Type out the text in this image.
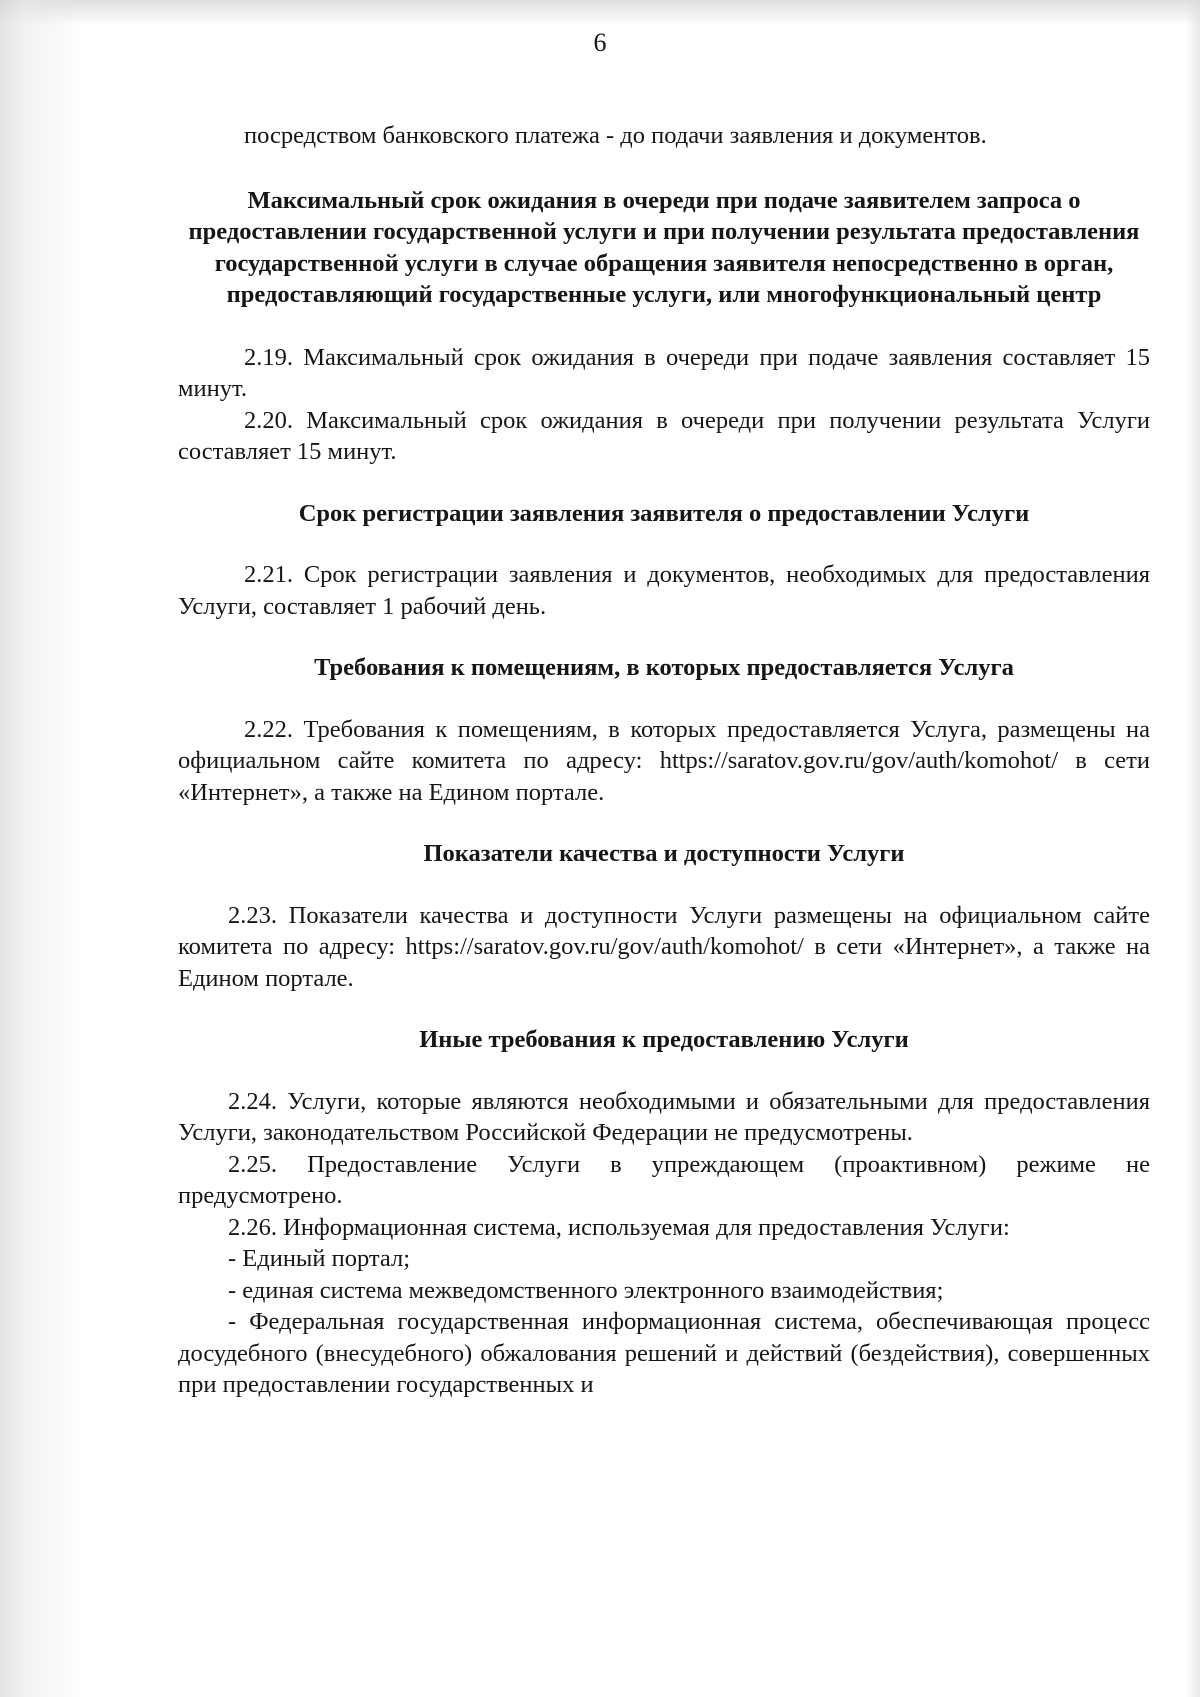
6

посредством банковского платежа - до подачи заявления и документов.

Максимальный срок ожидания в очереди при подаче заявителем запроса о предоставлении государственной услуги и при получении результата предоставления государственной услуги в случае обращения заявителя непосредственно в орган, предоставляющий государственные услуги, или многофункциональный центр

2.19. Максимальный срок ожидания в очереди при подаче заявления составляет 15 минут.

2.20. Максимальный срок ожидания в очереди при получении результата Услуги составляет 15 минут.

Срок регистрации заявления заявителя о предоставлении Услуги

2.21. Срок регистрации заявления и документов, необходимых для предоставления Услуги, составляет 1 рабочий день.

Требования к помещениям, в которых предоставляется Услуга

2.22. Требования к помещениям, в которых предоставляется Услуга, размещены на официальном сайте комитета по адресу: https://saratov.gov.ru/gov/auth/komohot/ в сети «Интернет», а также на Едином портале.

Показатели качества и доступности Услуги

2.23. Показатели качества и доступности Услуги размещены на официальном сайте комитета по адресу: https://saratov.gov.ru/gov/auth/komohot/ в сети «Интернет», а также на Едином портале.

Иные требования к предоставлению Услуги

2.24. Услуги, которые являются необходимыми и обязательными для предоставления Услуги, законодательством Российской Федерации не предусмотрены.

2.25. Предоставление Услуги в упреждающем (проактивном) режиме не предусмотрено.

2.26. Информационная система, используемая для предоставления Услуги:

- Единый портал;

- единая система межведомственного электронного взаимодействия;

- Федеральная государственная информационная система, обеспечивающая процесс досудебного (внесудебного) обжалования решений и действий (бездействия), совершенных при предоставлении государственных и
